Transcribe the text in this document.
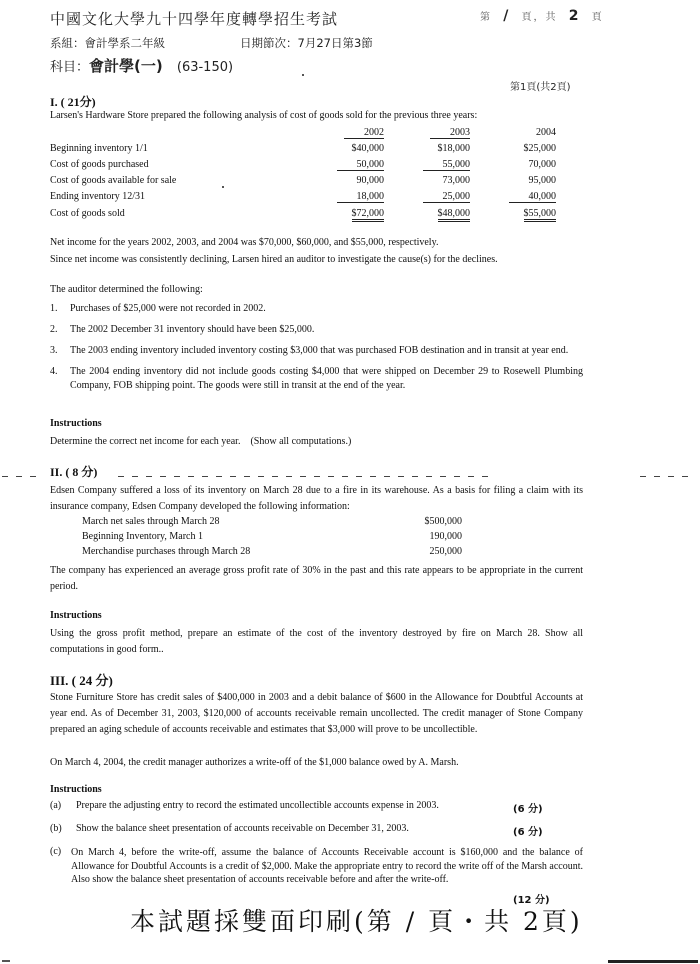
中國文化大學九十四學年度轉學招生考試	第 / 頁，共 2 頁
系組：會計學系二年級	日期節次：7月27日第3節
科目：會計學(一) (63-150)
第1頁(共2頁)
I. ( 21分)
Larsen's Hardware Store prepared the following analysis of cost of goods sold for the previous three years:
	2002	2003	2004
Beginning inventory 1/1	$40,000	$18,000	$25,000
Cost of goods purchased	50,000	55,000	70,000
Cost of goods available for sale	90,000	73,000	95,000
Ending inventory 12/31	18,000	25,000	40,000
Cost of goods sold	$72,000	$48,000	$55,000
Net income for the years 2002, 2003, and 2004 was $70,000, $60,000, and $55,000, respectively.
Since net income was consistently declining, Larsen hired an auditor to investigate the cause(s) for the declines.
The auditor determined the following:
1. Purchases of $25,000 were not recorded in 2002.
2. The 2002 December 31 inventory should have been $25,000.
3. The 2003 ending inventory included inventory costing $3,000 that was purchased FOB destination and in transit at year end.
4. The 2004 ending inventory did not include goods costing $4,000 that were shipped on December 29 to Rosewell Plumbing Company, FOB shipping point. The goods were still in transit at the end of the year.
Instructions
Determine the correct net income for each year.    (Show all computations.)
II. ( 8 分)
Edsen Company suffered a loss of its inventory on March 28 due to a fire in its warehouse. As a basis for filing a claim with its insurance company, Edsen Company developed the following information:
March net sales through March 28	$500,000
Beginning Inventory, March 1	190,000
Merchandise purchases through March 28	250,000
The company has experienced an average gross profit rate of 30% in the past and this rate appears to be appropriate in the current period.
Instructions
Using the gross profit method, prepare an estimate of the cost of the inventory destroyed by fire on March 28. Show all computations in good form..
III. ( 24 分)
Stone Furniture Store has credit sales of $400,000 in 2003 and a debit balance of $600 in the Allowance for Doubtful Accounts at year end. As of December 31, 2003, $120,000 of accounts receivable remain uncollected. The credit manager of Stone Company prepared an aging schedule of accounts receivable and estimates that $3,000 will prove to be uncollectible.
On March 4, 2004, the credit manager authorizes a write-off of the $1,000 balance owed by A. Marsh.
Instructions
(a) Prepare the adjusting entry to record the estimated uncollectible accounts expense in 2003.	(6 分)
(b) Show the balance sheet presentation of accounts receivable on December 31, 2003.	(6 分)
(c) On March 4, before the write-off, assume the balance of Accounts Receivable account is $160,000 and the balance of Allowance for Doubtful Accounts is a credit of $2,000. Make the appropriate entry to record the write off of the Marsh account. Also show the balance sheet presentation of accounts receivable before and after the write-off.
(12 分)
本試題採雙面印刷(第 / 頁・共 2頁)
